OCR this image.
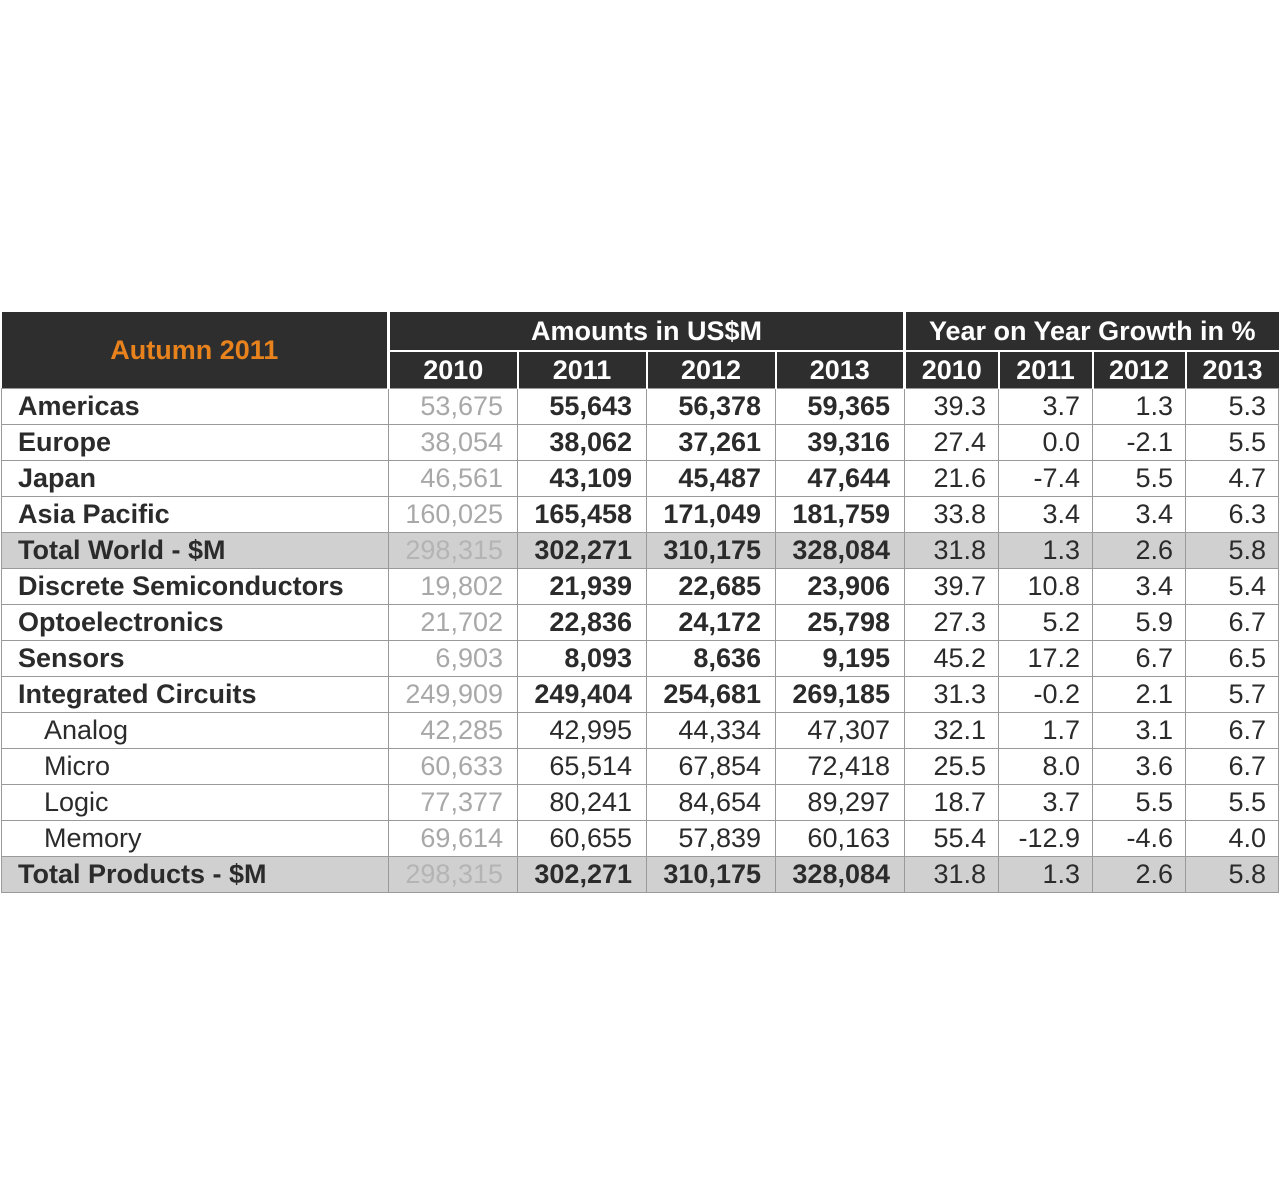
Autumn 2011	Amounts in US$M				Year on Year Growth in %			
	2010	2011	2012	2013	2010	2011	2012	2013
Americas	53,675	55,643	56,378	59,365	39.3	3.7	1.3	5.3
Europe	38,054	38,062	37,261	39,316	27.4	0.0	-2.1	5.5
Japan	46,561	43,109	45,487	47,644	21.6	-7.4	5.5	4.7
Asia Pacific	160,025	165,458	171,049	181,759	33.8	3.4	3.4	6.3
Total World - $M	298,315	302,271	310,175	328,084	31.8	1.3	2.6	5.8
Discrete Semiconductors	19,802	21,939	22,685	23,906	39.7	10.8	3.4	5.4
Optoelectronics	21,702	22,836	24,172	25,798	27.3	5.2	5.9	6.7
Sensors	6,903	8,093	8,636	9,195	45.2	17.2	6.7	6.5
Integrated Circuits	249,909	249,404	254,681	269,185	31.3	-0.2	2.1	5.7
Analog	42,285	42,995	44,334	47,307	32.1	1.7	3.1	6.7
Micro	60,633	65,514	67,854	72,418	25.5	8.0	3.6	6.7
Logic	77,377	80,241	84,654	89,297	18.7	3.7	5.5	5.5
Memory	69,614	60,655	57,839	60,163	55.4	-12.9	-4.6	4.0
Total Products - $M	298,315	302,271	310,175	328,084	31.8	1.3	2.6	5.8
